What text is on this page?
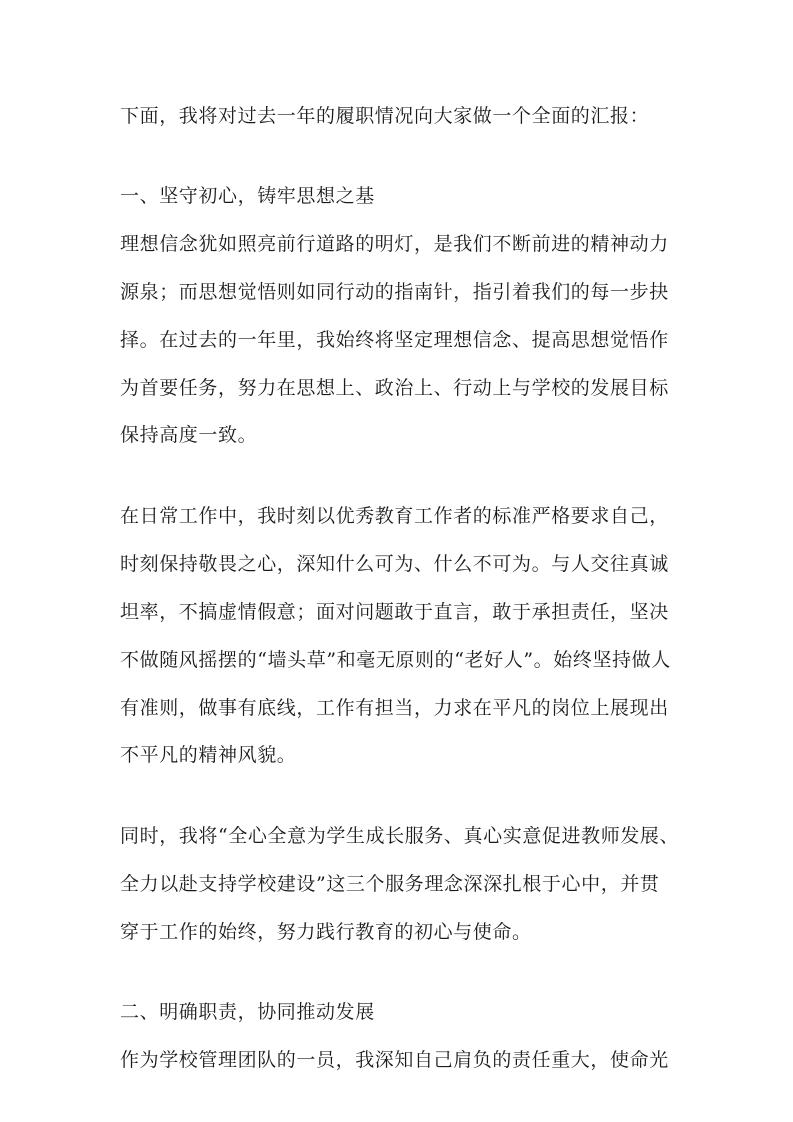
下面，我将对过去一年的履职情况向大家做一个全面的汇报：
一、坚守初心，铸牢思想之基
理想信念犹如照亮前行道路的明灯，是我们不断前进的精神动力
源泉；而思想觉悟则如同行动的指南针，指引着我们的每一步抉
择。在过去的一年里，我始终将坚定理想信念、提高思想觉悟作
为首要任务，努力在思想上、政治上、行动上与学校的发展目标
保持高度一致。
在日常工作中，我时刻以优秀教育工作者的标准严格要求自己，
时刻保持敬畏之心，深知什么可为、什么不可为。与人交往真诚
坦率，不搞虚情假意；面对问题敢于直言，敢于承担责任，坚决
不做随风摇摆的“墙头草”和毫无原则的“老好人”。始终坚持做人
有准则，做事有底线，工作有担当，力求在平凡的岗位上展现出
不平凡的精神风貌。
同时，我将“全心全意为学生成长服务、真心实意促进教师发展、
全力以赴支持学校建设”这三个服务理念深深扎根于心中，并贯
穿于工作的始终，努力践行教育的初心与使命。
二、明确职责，协同推动发展
作为学校管理团队的一员，我深知自己肩负的责任重大，使命光
